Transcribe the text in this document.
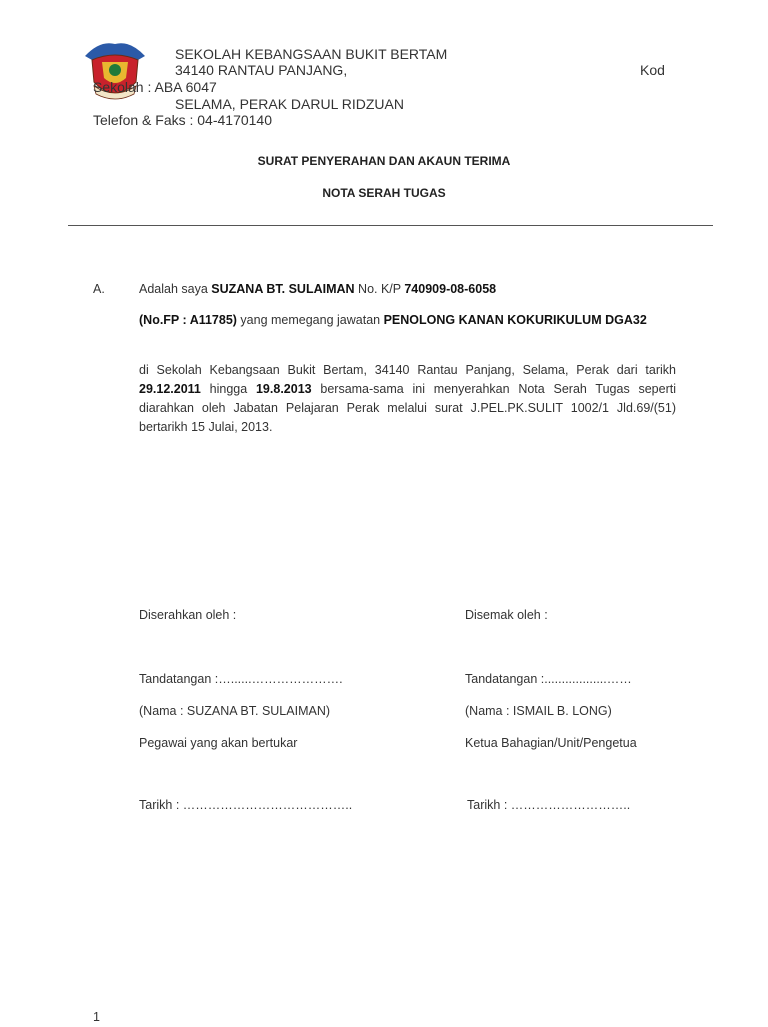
SEKOLAH KEBANGSAAN BUKIT BERTAM
34140 RANTAU PANJANG,	Kod
Sekolah : ABA 6047
SELAMA, PERAK DARUL RIDZUAN
Telefon & Faks : 04-4170140
SURAT PENYERAHAN DAN AKAUN TERIMA
NOTA SERAH TUGAS
A.	Adalah saya SUZANA BT. SULAIMAN No. K/P 740909-08-6058
(No.FP : A11785) yang memegang jawatan PENOLONG KANAN KOKURIKULUM DGA32
di Sekolah Kebangsaan Bukit Bertam, 34140 Rantau Panjang, Selama, Perak dari tarikh 29.12.2011 hingga 19.8.2013 bersama-sama ini menyerahkan Nota Serah Tugas seperti diarahkan oleh Jabatan Pelajaran Perak melalui surat J.PEL.PK.SULIT 1002/1 Jld.69/(51) bertarikh 15 Julai, 2013.
Diserahkan oleh :
Tandatangan :…......………………….
(Nama : SUZANA BT. SULAIMAN)
Pegawai yang akan bertukar
Tarikh : …………………………………..
Disemak oleh :
Tandatangan :..................……
(Nama : ISMAIL B. LONG)
Ketua Bahagian/Unit/Pengetua
Tarikh : ………………………..
1
